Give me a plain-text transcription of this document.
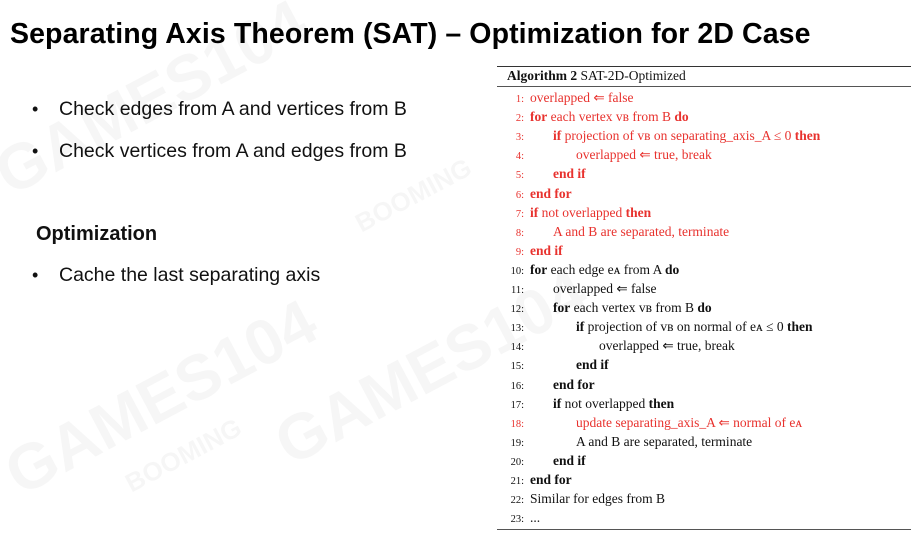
Separating Axis Theorem (SAT) – Optimization for 2D Case
• Check edges from A and vertices from B
• Check vertices from A and edges from B
Optimization
• Cache the last separating axis
Algorithm 2 SAT-2D-Optimized
1: overlapped ⇐ false
2: for each vertex vʙ from B do
3: if projection of vʙ on separating_axis_A ≤ 0 then
4:	overlapped ⇐ true, break
5: end if
6: end for
7: if not overlapped then
8: A and B are separated, terminate
9: end if
10: for each edge eᴀ from A do
11: overlapped ⇐ false
12: for each vertex vʙ from B do
13:	if projection of vʙ on normal of eᴀ ≤ 0 then
14:	overlapped ⇐ true, break
15:	end if
16: end for
17: if not overlapped then
18:	update separating_axis_A ⇐ normal of eᴀ
19:	A and B are separated, terminate
20: end if
21: end for
22: Similar for edges from B
23: ...
